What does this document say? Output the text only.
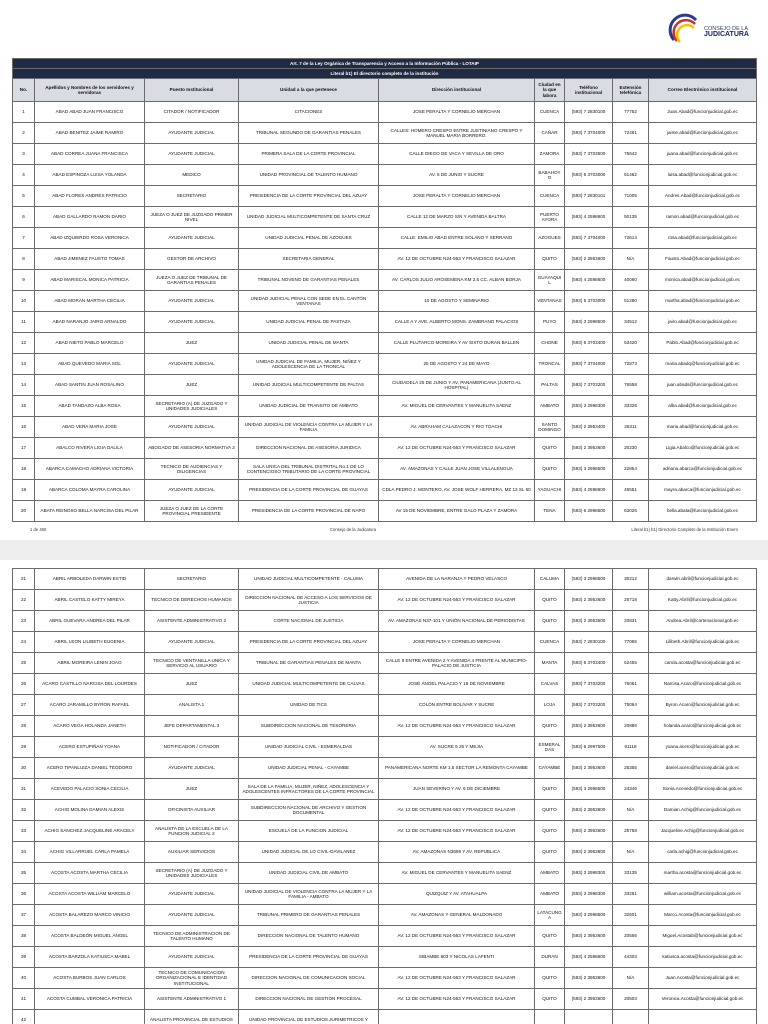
CONSEJO DE LA
JUDICATURA
Art. 7 de la Ley Orgánica de Transparencia y Acceso a la Información Pública - LOTAIP								
Literal b1) El directorio completo de la institución								
No.	Apellidos y Nombres de los servidores y servidoras	Puesto Institucional	Unidad a la que pertenece	Dirección institucional	Ciudad en la que labora	Teléfono institucional	Extensión telefónica	Correo Electrónico institucional
1	ABAD ABAD JUAN FRANCISCO	CITADOR / NOTIFICADOR	CITACIONES	JOSE PERALTA Y CORNELIO MERCHAN	CUENCA	(593) 7 2830100	77752	Juan.Abad@funcionjudicial.gob.ec
2	ABAD BENITEZ JAIME RAMIRO	AYUDANTE JUDICIAL	TRIBUNAL SEGUNDO DE GARANTIAS PENALES	CALLES: HOMERO CRESPO ENTRE JUSTINIANO CRESPO Y MANUEL MARIA BORRERO.	CAÑAR	(593) 7 3704000	72461	jaime.abad@funcionjudicial.gob.ec
3	ABAD CORREA JUANA FRANCISCA	AYUDANTE JUDICIAL	PRIMERA SALA DE LA CORTE PROVINCIAL	CALLE DIEGO DE VACA Y SEVILLA DE ORO	ZAMORA	(593) 7 3703500	75642	juana.abad@funcionjudicial.gob.ec
4	ABAD ESPINOZA LUISA YOLANDA	MEDICO	UNIDAD PROVINCIAL DE TALENTO HUMANO	AV. 5 DE JUNIO Y SUCRE	BABAHOYO	(593) 5 3703000	51462	luisa.abad@funcionjudicial.gob.ec
5	ABAD FLORES ANDRES PATRICIO	SECRETARIO	PRESIDENCIA DE LA CORTE PROVINCIAL DEL AZUAY	JOSE PERALTA Y CORNELIO MERCHAN	CUENCA	(593) 7 2830101	71005	Andres.Abad@funcionjudicial.gob.ec
6	ABAD GALLARDO RAMON DARIO	JUEZA O JUEZ DE JUZGADO PRIMER NIVEL	UNIDAD JUDICIAL MULTICOMPETENTE DE SANTA CRUZ	CALLE 12 DE MARZO S/N Y AVENIDA BALTRA	PUERTO AYORA	(593) 4 2598600	50135	ramon.abad@funcionjudicial.gob.ec
7	ABAD IZQUIERDO ROSA VERONICA	AYUDANTE JUDICIAL	UNIDAD JUDICIAL PENAL DE AZOGUES	CALLE: EMILIO ABAD ENTRE SOLANO Y SERRANO	AZOGUES	(593) 7 3704000	72614	rosa.abad@funcionjudicial.gob.ec
8	ABAD JIMENEZ FAUSTO TOMAS	GESTOR DE ARCHIVO	SECRETARIA GENERAL	AV. 12 DE OCTUBRE N24-563 Y FRANCISCO SALAZAR	QUITO	(593) 2 3953600	N/A	Fausto.Abad@funcionjudicial.gob.ec
9	ABAD MARISCAL MONICA PATRICIA	JUEZA O JUEZ DE TRIBUNAL DE GARANTIAS PENALES	TRIBUNAL NOVENO DE GARANTIAS PENALES	AV. CARLOS JULIO AROSEMENA KM 2.5 CC. ALBAN BORJA	GUAYAQUIL	(593) 4 2598600	40060	monica.abad@funcionjudicial.gob.ec
10	ABAD MORAN MARTHA CECILIA	AYUDANTE JUDICIAL	UNIDAD JUDICIAL PENAL CON SEDE EN EL CANTÓN VENTANAS	10 DE AGOSTO Y SEMINARIO	VENTANAS	(593) 5 3703000	51280	martha.abad@funcionjudicial.gob.ec
11	ABAD NARANJO JAIRO ARNALDO	AYUDANTE JUDICIAL	UNIDAD JUDICIAL PENAL DE PASTAZA	CALLE A Y AVE. ALBERTO MONS. ZAMBRANO PALACIOS	PUYO	(593) 3 2998500	34512	jairo.abad@funcionjudicial.gob.ec
12	ABAD NIETO PABLO MARCELO	JUEZ	UNIDAD JUDICIAL PENAL DE MANTA	CALLE PLUTARCO MOREIRA Y AV SIXTO DURAN BALLEN	CHONE	(593) 5 3703400	53420	Pablo.Abad@funcionjudicial.gob.ec
13	ABAD QUEVEDO MARIA SOL	AYUDANTE JUDICIAL	UNIDAD JUDICIAL DE FAMILIA, MUJER, NIÑEZ Y ADOLESCENCIA DE LA TRONCAL	25 DE AGOSTO Y 24 DE MAYO	TRONCAL	(593) 7 3704000	72873	maria.abadq@funcionjudicial.gob.ec
14	ABAD SANTIN JUAN ROSALINO	JUEZ	UNIDAD JUDICIAL MULTICOMPETENTE DE PALTAS	CIUDADELA 25 DE JUNIO Y AV. PANAMERICANA (JUNTO AL HOSPITAL)	PALTAS	(593) 7 3703200	76558	juan.abads@funcionjudicial.gob.ec
15	ABAD TANDAZO ALBA ROSA	SECRETARIO (A) DE JUZGADO Y UNIDADES JUDICIALES	UNIDAD JUDICIAL DE TRANSITO DE AMBATO	AV. MIGUEL DE CERVANTES Y MANUELITA SAENZ	AMBATO	(593) 3 2998300	33326	alba.abad@funcionjudicial.gob.ec
16	ABAD VERA MARIA JOSE	AYUDANTE JUDICIAL	UNIDAD JUDICIAL DE VIOLENCIA CONTRA LA MUJER Y LA FAMILIA	AV. ABRAHAM CALAZACON Y RIO TOACHI	SANTO DOMINGO	(593) 2 3953400	26311	maria.abad@funcionjudicial.gob.ec
17	ABALCO RIVERA LIGIA DALILA	ABOGADO DE ASESORIA NORMATIVA 2	DIRECCION NACIONAL DE ASESORIA JURIDICA	AV. 12 DE OCTUBRE N24-563 Y FRANCISCO SALAZAR	QUITO	(593) 2 3953600	20230	Ligia.Abalco@funcionjudicial.gob.ec
18	ABARCA CAMACHO ADRIANA VICTORIA	TECNICO DE AUDIENCIAS Y DILIGENCIAS	SALA UNICA DEL TRIBUNAL DISTRITAL No.1 DE LO CONTENCIOSO TRIBUTARIO DE LA CORTE PROVINCIAL	AV. AMAZONAS Y CALLE JUAN JOSE VILLALENGUA	QUITO	(593) 3 2998500	22854	adriana.abarca@funcionjudicial.gob.ec
19	ABARCA COLOMA MAYRA CAROLINA	AYUDANTE JUDICIAL	PRESIDENCIA DE LA CORTE PROVINCIAL DE GUAYAS	CDLA PEDRO J. MONTERO, AV. JOSE WOLF HERRERA, MZ 13 SL 50	YAGUACHI	(593) 4 2598600	45551	mayra.abarca@funcionjudicial.gob.ec
20	ABATA REINOSO BELLA NARCISA DEL PILAR	JUEZA O JUEZ DE LA CORTE PROVINCIAL PRESIDENTE	PRESIDENCIA DE LA CORTE PROVINCIAL DE NAPO	AV 15 DE NOVIEMBRE, ENTRE GALO PLAZA Y ZAMORA	TENA	(593) 6 2998500	63026	bella.abata@funcionjudicial.gob.ec
1 de 460	Consejo de la Judicatura	Literal b1) b1) Directorio Completo de la Institución Enero
21	ABRIL ARBOLEDA DARWIN ESTID	SECRETARIO	UNIDAD JUDICIAL MULTICOMPETENTE - CALUMA	AVENIDA DE LA NARANJA Y PEDRO VELASCO	CALUMA	(593) 3 2998500	30212	darwin.abril@funcionjudicial.gob.ec
22	ABRIL CASTELO KATTY MIREYA	TECNICO DE DERECHOS HUMANOS	DIRECCION NACIONAL DE ACCESO A LOS SERVICIOS DE JUSTICIA	AV. 12 DE OCTUBRE N24-563 Y FRANCISCO SALAZAR	QUITO	(593) 2 3953600	25718	Katty.Abril@funcionjudicial.gob.ec
23	ABRIL GUEVARA ANDREA DEL PILAR	ASISTENTE ADMINISTRATIVO 2	CORTE NACIONAL DE JUSTICIA	AV. AMAZONAS N37-101 Y UNIÓN NACIONAL DE PERIODISTAS	QUITO	(593) 2 3953500	20831	Andrea.Abril@cortenacional.gob.ec
24	ABRIL LEON LILIBETH EUGENIA	AYUDANTE JUDICIAL	PRESIDENCIA DE LA CORTE PROVINCIAL DEL AZUAY	JOSE PERALTA Y CORNELIO MERCHAN	CUENCA	(593) 7 2830100	77065	Lilibeth.Abril@funcionjudicial.gob.ec
25	ABRIL MOREIRA LENIN JOAO	TECNICO DE VENTANILLA UNICA Y SERVICIO AL USUARIO	TRIBUNAL DE GARANTIAS PENALES DE MANTA	CALLE 9 ENTRE AVENIDA 2 Y AVENIDA 4 FRENTE AL MUNICIPIO- PALACIO DE JUSTICIA	MANTA	(593) 5 3703400	52455	carola.acosta@funcionjudicial.gob.ec
26	ACARO CASTILLO NARCISA DEL LOURDES	JUEZ	UNIDAD JUDICIAL MULTICOMPETENTE DE CALVAS	JOSÉ ÁNGEL PALACIO Y 18 DE NOVIEMBRE	CALVAS	(593) 7 3703200	76061	Narcisa.Acaro@funcionjudicial.gob.ec
27	ACARO JARAMILLO BYRON RAFAEL	ANALISTA 1	UNIDAD DE TICS	COLÓN ENTRE BOLÍVAR Y SUCRE	LOJA	(593) 7 3703200	75064	Byron.Acaro@funcionjudicial.gob.ec
28	ACARO VEGA HOLANDA JANETH	JEFE DEPARTAMENTAL 3	SUBDIRECCION NACIONAL DE TESORERIA	AV. 12 DE OCTUBRE N24-563 Y FRANCISCO SALAZAR	QUITO	(593) 2 3953600	20886	holanda.acaro@funcionjudicial.gob.ec
29	ACERO ESTUPIÑAN YOANA	NOTIFICADOR / CITADOR	UNIDAD JUDICIAL CIVIL - ESMERALDAS	AV. SUCRE 5 25 Y MEJIA	ESMERALDAS	(593) 6 2997500	61118	yoana.acero@funcionjudicial.gob.ec
30	ACERO TIPANLUIZA DANIEL TEODORO	AYUDANTE JUDICIAL	UNIDAD JUDICIAL PENAL - CAYAMBE	PANAMERICANA NORTE KM 1.5 SECTOR LA REMONTA CAYAMBE	CAYAMBE	(593) 2 3953600	25355	daniel.acero@funcionjudicial.gob.ec
31	ACEVEDO PALACIO SONIA CECILIA	JUEZ	SALA DE LA FAMILIA, MUJER, NIÑEZ, ADOLESCENCIA Y ADOLESCENTES INFRACTORES DE LA CORTE PROVINCIAL	JUAN SEVERINO Y AV. 6 DE DICIEMBRE	QUITO	(593) 3 2998500	24346	Sonia.Acevedo@funcionjudicial.gob.ec
32	ACHIG MOLINA DAMIAN ALEXIS	OFICINISTA AUXILIAR	SUBDIRECCION NACIONAL DE ARCHIVO Y GESTION DOCUMENTAL	AV. 12 DE OCTUBRE N24-563 Y FRANCISCO SALAZAR	QUITO	(593) 2 3953600	N/A	Damian.Achig@funcionjudicial.gob.ec
33	ACHIG SANCHEZ JACQUELINE ARACELY	ANALISTA DE LA ESCUELA DE LA FUNCION JUDICIAL 2	ESCUELA DE LA FUNCION JUDICIAL	AV. 12 DE OCTUBRE N24-563 Y FRANCISCO SALAZAR	QUITO	(593) 2 3953600	25758	Jacqueline.Achig@funcionjudicial.gob.ec
34	ACHIG VILLARRUEL CARLA PAMELA	AUXILIAR SERVICIOS	UNIDAD JUDICIAL DE LO CIVIL-DAVILANEZ	AV. AMAZONAS N3699 Y AV. REPUBLICA	QUITO	(593) 2 3953600	N/A	carla.achig@funcionjudicial.gob.ec
35	ACOSTA ACOSTA MARTHA CECILIA	SECRETARIO (A) DE JUZGADO Y UNIDADES JUDICIALES	UNIDAD JUDICIAL CIVIL DE AMBATO	AV. MIGUEL DE CERVANTES Y MANUELITA SAENZ	AMBATO	(593) 3 2998300	33135	martha.acosta@funcionjudicial.gob.ec
36	ACOSTA ACOSTA WILLIAM MARCELO	AYUDANTE JUDICIAL	UNIDAD JUDICIAL DE VIOLENCIA CONTRA LA MUJER Y LA FAMILIA - AMBATO	QUIZQUIZ Y AV. ATAHUALPA	AMBATO	(593) 3 2998300	33261	william.acosta@funcionjudicial.gob.ec
37	ACOSTA BALAREZO MARCO VINICIO	AYUDANTE JUDICIAL	TRIBUNAL PRIMERO DE GARANTIAS PENALES	AV. AMAZONAS Y GENERAL MALDONADO	LATACUNGA	(593) 3 2998500	32601	Marco.Acosta@funcionjudicial.gob.ec
38	ACOSTA BALDEÓN MIGUEL ÁNGEL	TECNICO DE ADMINISTRACION DE TALENTO HUMANO	DIRECCION NACIONAL DE TALENTO HUMANO	AV. 12 DE OCTUBRE N24-563 Y FRANCISCO SALAZAR	QUITO	(593) 2 3953600	20556	Miguel.Acostab@funcionjudicial.gob.ec
39	ACOSTA BARZOLA KATIUSCA MABEL	AYUDANTE JUDICIAL	PRESIDENCIA DE LA CORTE PROVINCIAL DE GUAYAS	SIBAMBE 903 Y NICOLAS LAFENTI	DURAN	(593) 4 2598600	44303	katiusca.acosta@funcionjudicial.gob.ec
40	ACOSTA BURBOS JUAN CARLOS	TECNICO DE COMUNICACION ORGANIZACIONAL E IDENTIDAD INSTITUCIONAL	DIRECCION NACIONAL DE COMUNICACION SOCIAL	AV. 12 DE OCTUBRE N24-563 Y FRANCISCO SALAZAR	QUITO	(593) 2 3953600	N/A	Juan.Acosta@funcionjudicial.gob.ec
41	ACOSTA CUMBAL VERONICA PATRICIA	ASISTENTE ADMINISTRATIVO 1	DIRECCION NACIONAL DE GESTION PROCESAL	AV. 12 DE OCTUBRE N24-563 Y FRANCISCO SALAZAR	QUITO	(593) 2 3953600	20503	Veronica.Acosta@funcionjudicial.gob.ec
42		ANALISTA PROVINCIAL DE ESTUDIOS	UNIDAD PROVINCIAL DE ESTUDIOS JURIMETRICOS Y					
